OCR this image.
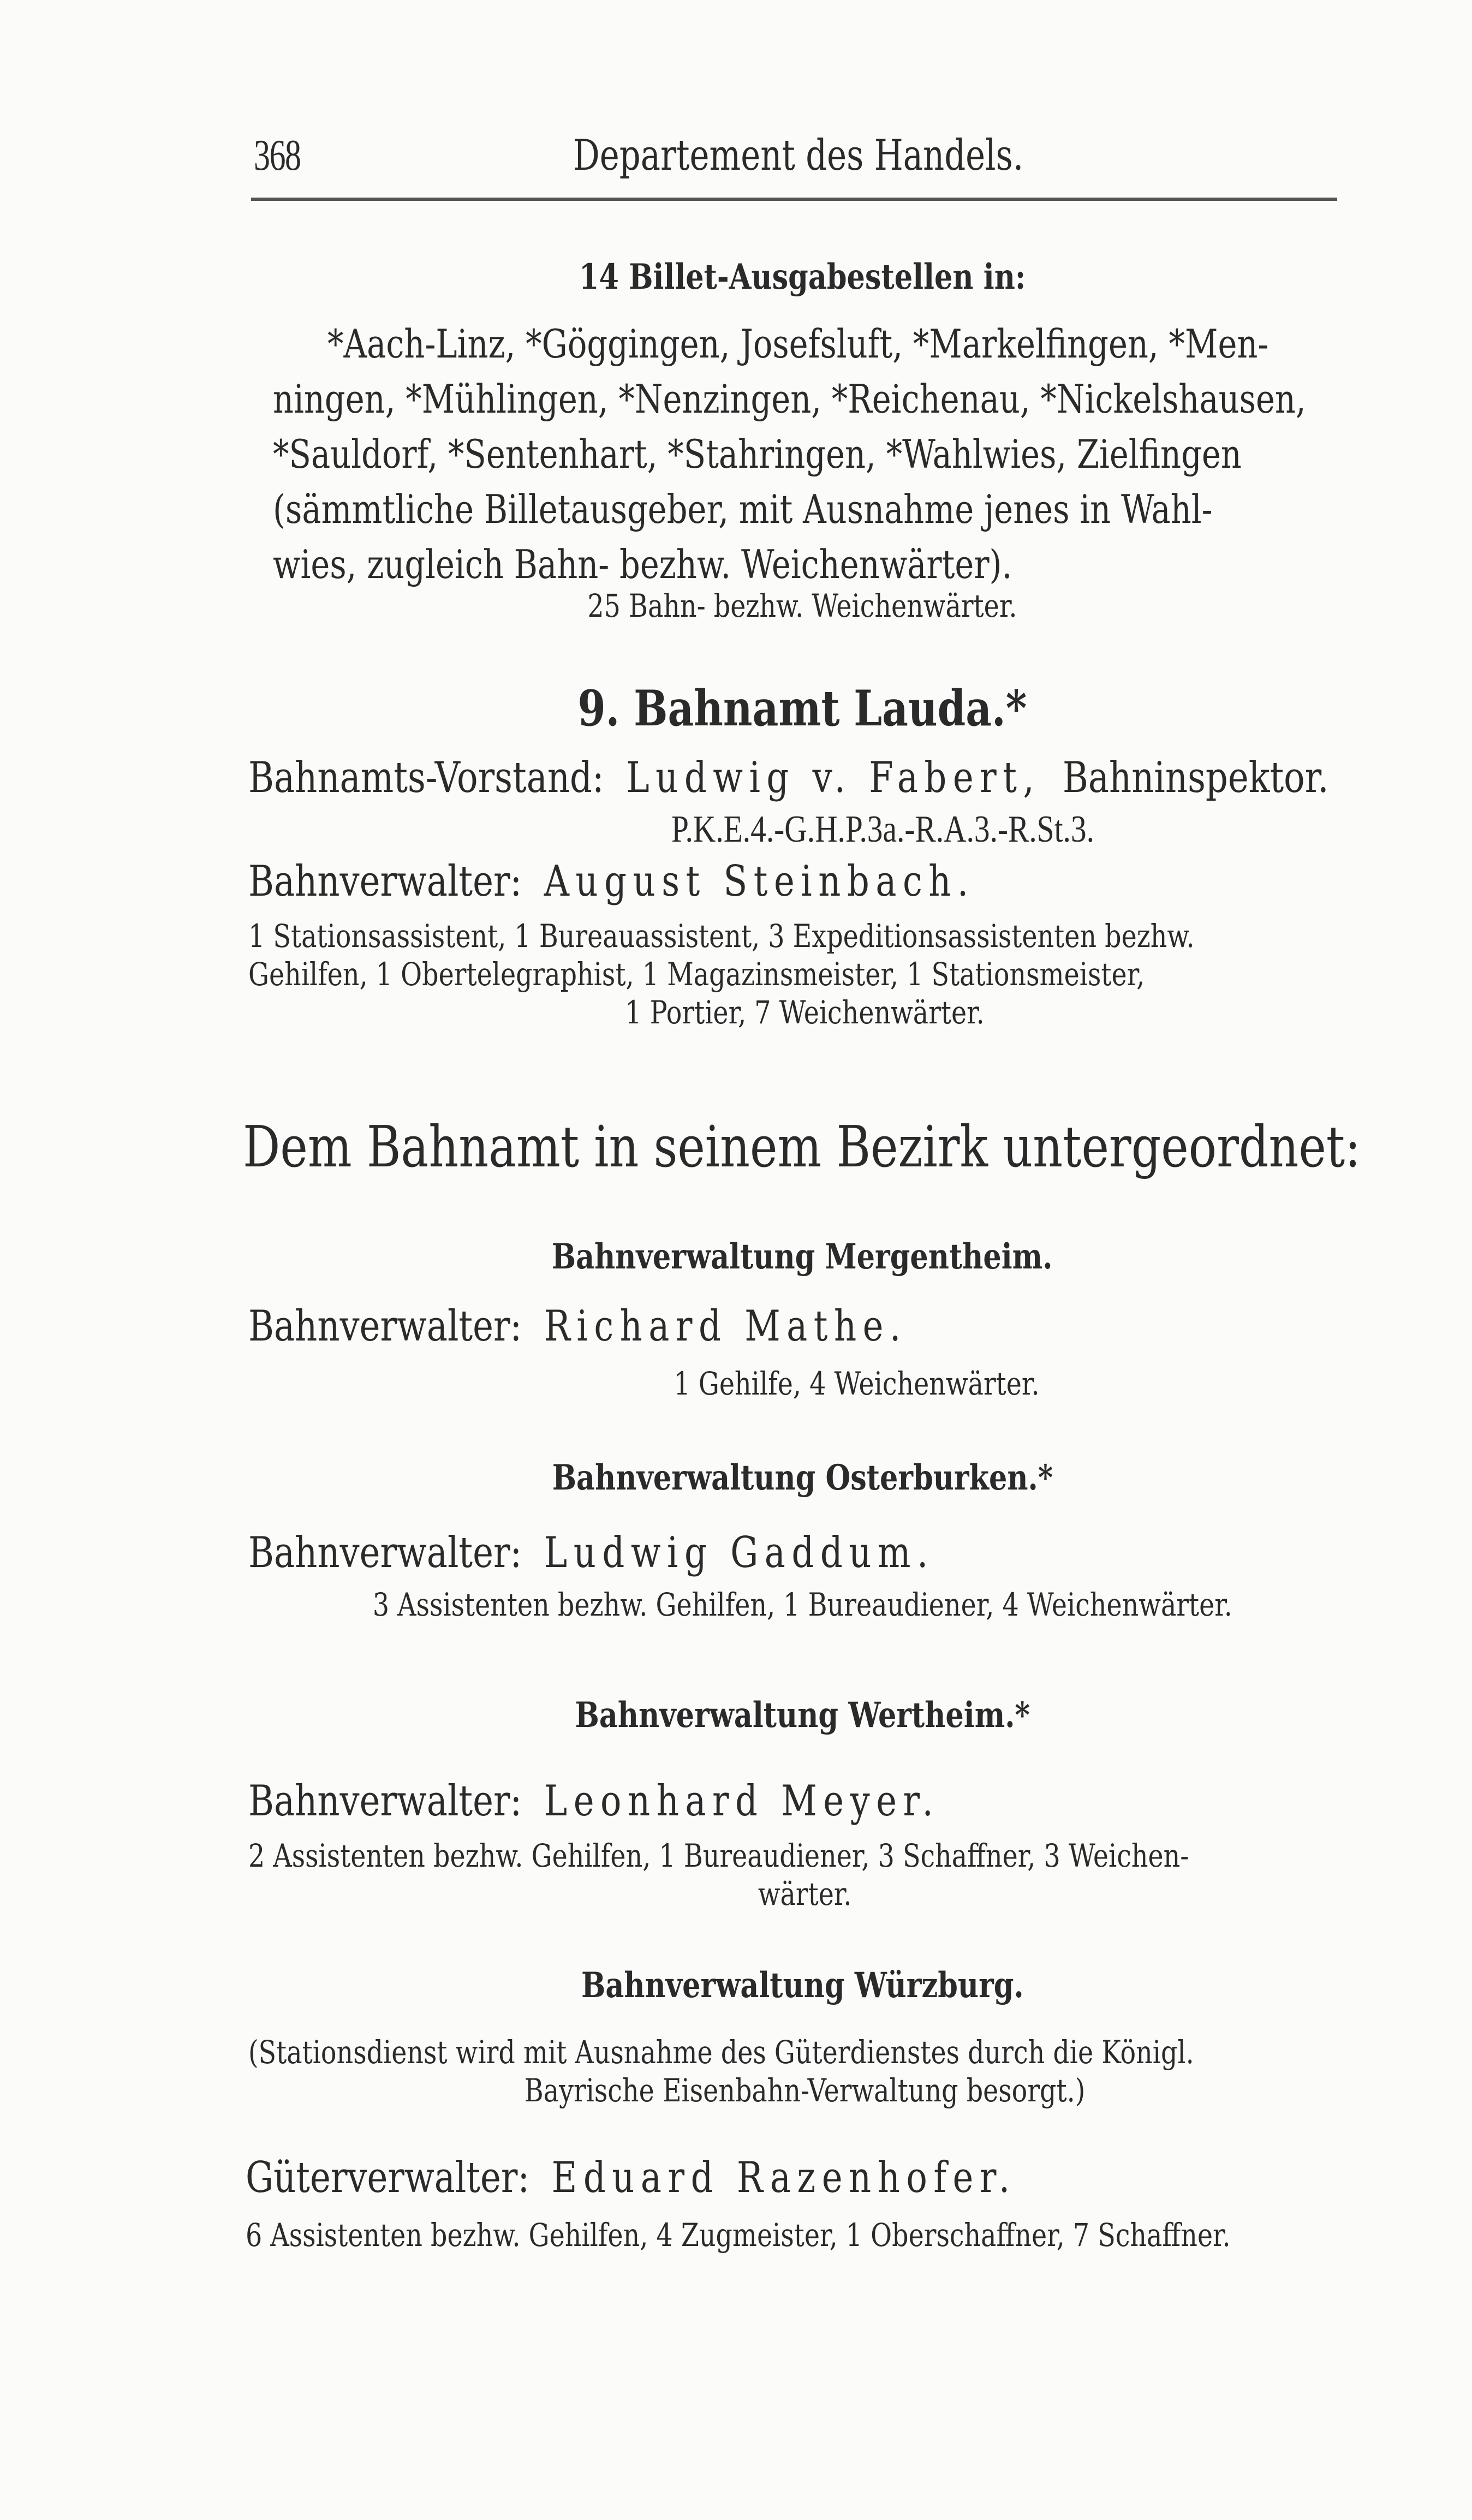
368	Departement des Handels.
14 Billet-Ausgabestellen in:
*Aach-Linz, *Göggingen, Josefsluft, *Markelfingen, *Men-
ningen, *Mühlingen, *Nenzingen, *Reichenau, *Nickelshausen,
*Sauldorf, *Sentenhart, *Stahringen, *Wahlwies, Zielfingen
(sämmtliche Billetausgeber, mit Ausnahme jenes in Wahl-
wies, zugleich Bahn- bezhw. Weichenwärter).
25 Bahn- bezhw. Weichenwärter.
9. Bahnamt Lauda.*
Bahnamts-Vorstand: Ludwig v. Fabert, Bahninspektor.
P.K.E.4.-G.H.P.3a.-R.A.3.-R.St.3.
Bahnverwalter: August Steinbach.
1 Stationsassistent, 1 Bureauassistent, 3 Expeditionsassistenten bezhw.
Gehilfen, 1 Obertelegraphist, 1 Magazinsmeister, 1 Stationsmeister,
1 Portier, 7 Weichenwärter.
Dem Bahnamt in seinem Bezirk untergeordnet:
Bahnverwaltung Mergentheim.
Bahnverwalter: Richard Mathe.
1 Gehilfe, 4 Weichenwärter.
Bahnverwaltung Osterburken.*
Bahnverwalter: Ludwig Gaddum.
3 Assistenten bezhw. Gehilfen, 1 Bureaudiener, 4 Weichenwärter.
Bahnverwaltung Wertheim.*
Bahnverwalter: Leonhard Meyer.
2 Assistenten bezhw. Gehilfen, 1 Bureaudiener, 3 Schaffner, 3 Weichen-
wärter.
Bahnverwaltung Würzburg.
(Stationsdienst wird mit Ausnahme des Güterdienstes durch die Königl.
Bayrische Eisenbahn-Verwaltung besorgt.)
Güterverwalter: Eduard Razenhofer.
6 Assistenten bezhw. Gehilfen, 4 Zugmeister, 1 Oberschaffner, 7 Schaffner.
